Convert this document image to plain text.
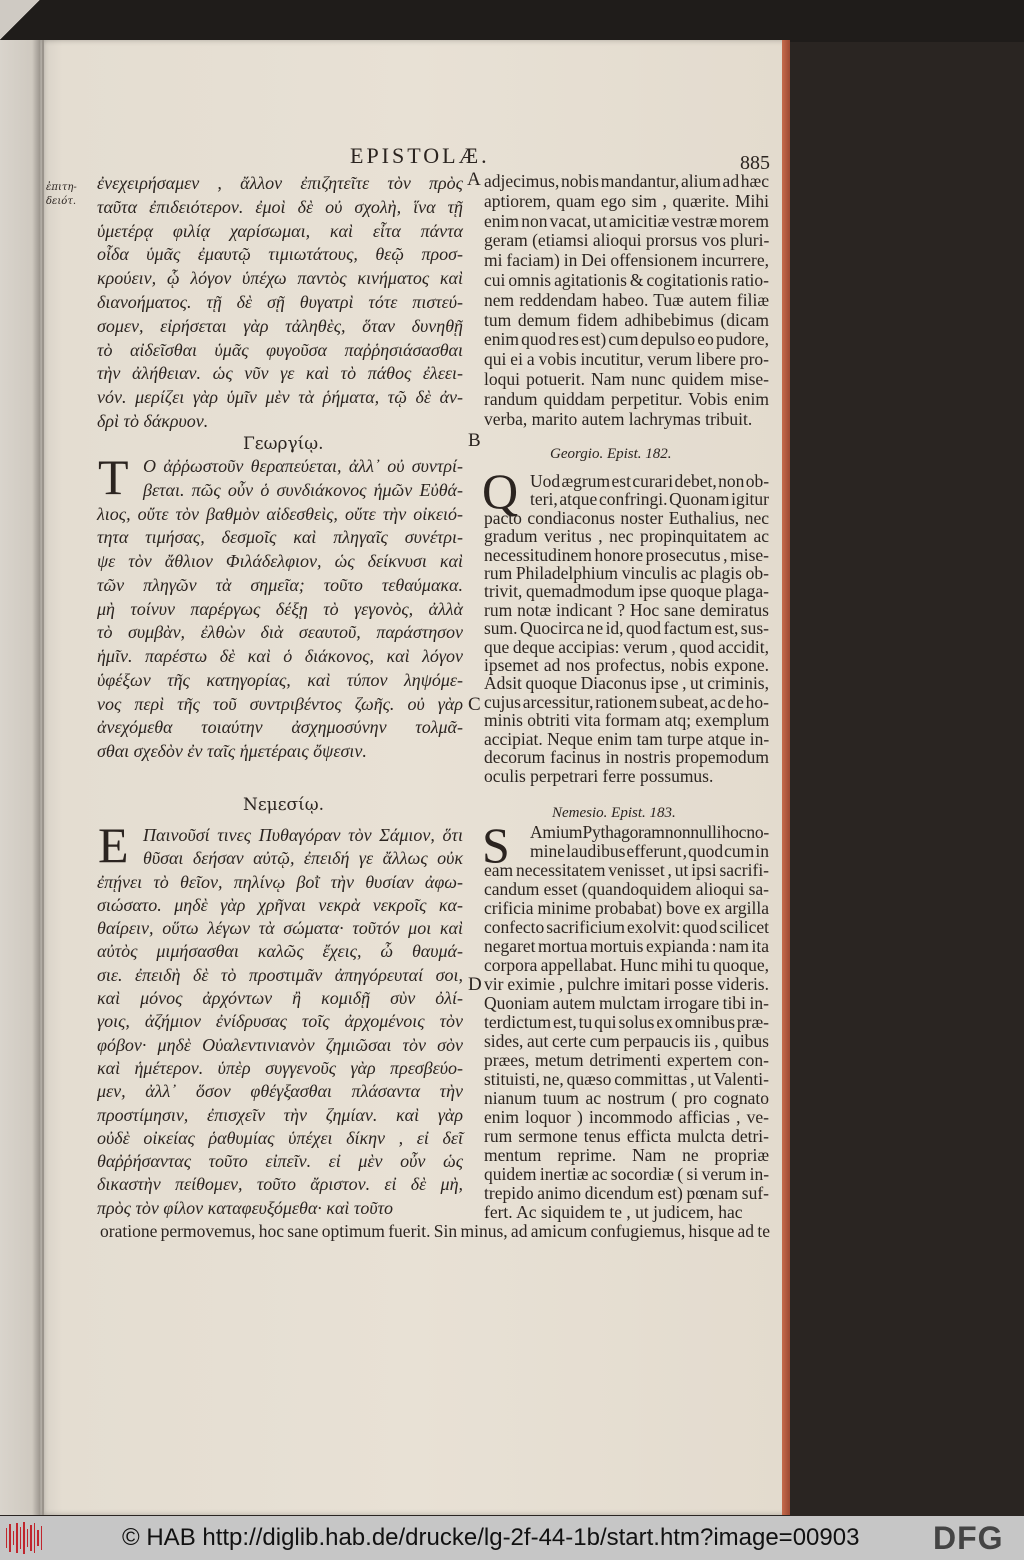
EPISTOLÆ.	885
ἐπιτη-
δειότ.
A
B
C
D
ἐνεχειρήσαμεν , ἄλλον ἐπιζητεῖτε τὸν πρὸς
ταῦτα ἐπιδειότερον. ἐμοὶ δὲ οὐ σχολὴ, ἵνα τῇ
ὑμετέρᾳ φιλίᾳ χαρίσωμαι, καὶ εἶτα πάντα
οἶδα ὑμᾶς ἐμαυτῷ τιμιωτάτους, θεῷ προσ-
κρούειν, ᾧ λόγον ὑπέχω παντὸς κινήματος καὶ
διανοήματος. τῇ δὲ σῇ θυγατρὶ τότε πιστεύ-
σομεν, εἰρήσεται γὰρ τἀληθὲς, ὅταν δυνηθῇ
τὸ αἰδεῖσθαι ὑμᾶς φυγοῦσα παῤῥησιάσασθαι
τὴν ἀλήθειαν. ὡς νῦν γε καὶ τὸ πάθος ἐλεει-
νόν. μερίζει γὰρ ὑμῖν μὲν τὰ ῥήματα, τῷ δὲ ἀν-
δρὶ τὸ δάκρυον.
adjecimus, nobis mandantur, alium ad hæc
aptiorem, quam ego sim , quærite. Mihi
enim non vacat, ut amicitiæ vestræ morem
geram (etiamsi alioqui prorsus vos pluri-
mi faciam) in Dei offensionem incurrere,
cui omnis agitationis & cogitationis ratio-
nem reddendam habeo. Tuæ autem filiæ
tum demum fidem adhibebimus (dicam
enim quod res est) cum depulso eo pudore,
qui ei a vobis incutitur, verum libere pro-
loqui potuerit. Nam nunc quidem mise-
randum quiddam perpetitur. Vobis enim
verba, marito autem lachrymas tribuit.
Γεωργίῳ.	Georgio. Epist. 182.
T Ο ἀῤῥωστοῦν θεραπεύεται, ἀλλ᾽ οὐ συντρί-
βεται. πῶς οὖν ὁ συνδιάκονος ἡμῶν Εὐθά-
λιος, οὔτε τὸν βαθμὸν αἰδεσθεὶς, οὔτε τὴν οἰκειό-
τητα τιμήσας, δεσμοῖς καὶ πληγαῖς συνέτρι-
ψε τὸν ἄθλιον Φιλάδελφιον, ὡς δείκνυσι καὶ
τῶν πληγῶν τὰ σημεῖα; τοῦτο τεθαύμακα.
μὴ τοίνυν παρέργως δέξῃ τὸ γεγονὸς, ἀλλὰ
τὸ συμβὰν, ἐλθὼν διὰ σεαυτοῦ, παράστησον
ἡμῖν. παρέστω δὲ καὶ ὁ διάκονος, καὶ λόγον
ὑφέξων τῆς κατηγορίας, καὶ τύπον ληψόμε-
νος περὶ τῆς τοῦ συντριβέντος ζωῆς. οὐ γὰρ
ἀνεχόμεθα τοιαύτην ἀσχημοσύνην τολμᾶ-
σθαι σχεδὸν ἐν ταῖς ἡμετέραις ὄψεσιν.
Q Uod ægrum est curari debet, non ob-
teri, atque confringi. Quonam igitur
pacto condiaconus noster Euthalius, nec
gradum veritus , nec propinquitatem ac
necessitudinem honore prosecutus , mise-
rum Philadelphium vinculis ac plagis ob-
trivit, quemadmodum ipse quoque plaga-
rum notæ indicant ? Hoc sane demiratus
sum. Quocirca ne id, quod factum est, sus-
que deque accipias: verum , quod accidit,
ipsemet ad nos profectus, nobis expone.
Adsit quoque Diaconus ipse , ut criminis,
cujus arcessitur, rationem subeat, ac de ho-
minis obtriti vita formam atq; exemplum
accipiat. Neque enim tam turpe atque in-
decorum facinus in nostris propemodum
oculis perpetrari ferre possumus.
Νεμεσίῳ.	Nemesio. Epist. 183.
E Παινοῦσί τινες Πυθαγόραν τὸν Σάμιον, ὅτι
θῦσαι δεήσαν αὐτῷ, ἐπειδή γε ἄλλως οὐκ
ἐπῄνει τὸ θεῖον, πηλίνῳ βοῒ τὴν θυσίαν ἀφω-
σιώσατο. μηδὲ γὰρ χρῆναι νεκρὰ νεκροῖς κα-
θαίρειν, οὕτω λέγων τὰ σώματα· τοῦτόν μοι καὶ
αὐτὸς μιμήσασθαι καλῶς ἔχεις, ὦ θαυμά-
σιε. ἐπειδὴ δὲ τὸ προστιμᾶν ἀπηγόρευταί σοι,
καὶ μόνος ἀρχόντων ἢ κομιδῇ σὺν ὀλί-
γοις, ἀζήμιον ἐνίδρυσας τοῖς ἀρχομένοις τὸν
φόβον· μηδὲ Οὐαλεντινιανὸν ζημιῶσαι τὸν σὸν
καὶ ἡμέτερον. ὑπὲρ συγγενοῦς γὰρ πρεσβεύο-
μεν, ἀλλ᾽ ὅσον φθέγξασθαι πλάσαντα τὴν
προστίμησιν, ἐπισχεῖν τὴν ζημίαν. καὶ γὰρ
οὐδὲ οἰκείας ῥαθυμίας ὑπέχει δίκην , εἰ δεῖ
θαῤῥήσαντας τοῦτο εἰπεῖν. εἰ μὲν οὖν ὡς
δικαστὴν πείθομεν, τοῦτο ἄριστον. εἰ δὲ μὴ,
πρὸς τὸν φίλον καταφευξόμεθα· καὶ τοῦτο
S	Amium Pythagoram nonnulli hoc no-
mine laudibus efferunt , quod cum in
eam necessitatem venisset , ut ipsi sacrifi-
candum esset (quandoquidem alioqui sa-
crificia minime probabat) bove ex argilla
confecto sacrificium exolvit: quod scilicet
negaret mortua mortuis expianda : nam ita
corpora appellabat. Hunc mihi tu quoque,
vir eximie , pulchre imitari posse videris.
Quoniam autem mulctam irrogare tibi in-
terdictum est, tu qui solus ex omnibus præ-
sides, aut certe cum perpaucis iis , quibus
præes, metum detrimenti expertem con-
stituisti, ne, quæso committas , ut Valenti-
nianum tuum ac nostrum ( pro cognato
enim loquor ) incommodo afficias , ve-
rum sermone tenus efficta mulcta detri-
mentum reprime. Nam ne propriæ
quidem inertiæ ac socordiæ ( si verum in-
trepido animo dicendum est) pœnam suf-
fert. Ac siquidem te , ut judicem, hac
oratione permovemus, hoc sane optimum fuerit. Sin minus, ad amicum confugiemus, hisque ad te
© HAB http://diglib.hab.de/drucke/lg-2f-44-1b/start.htm?image=00903 DFG
